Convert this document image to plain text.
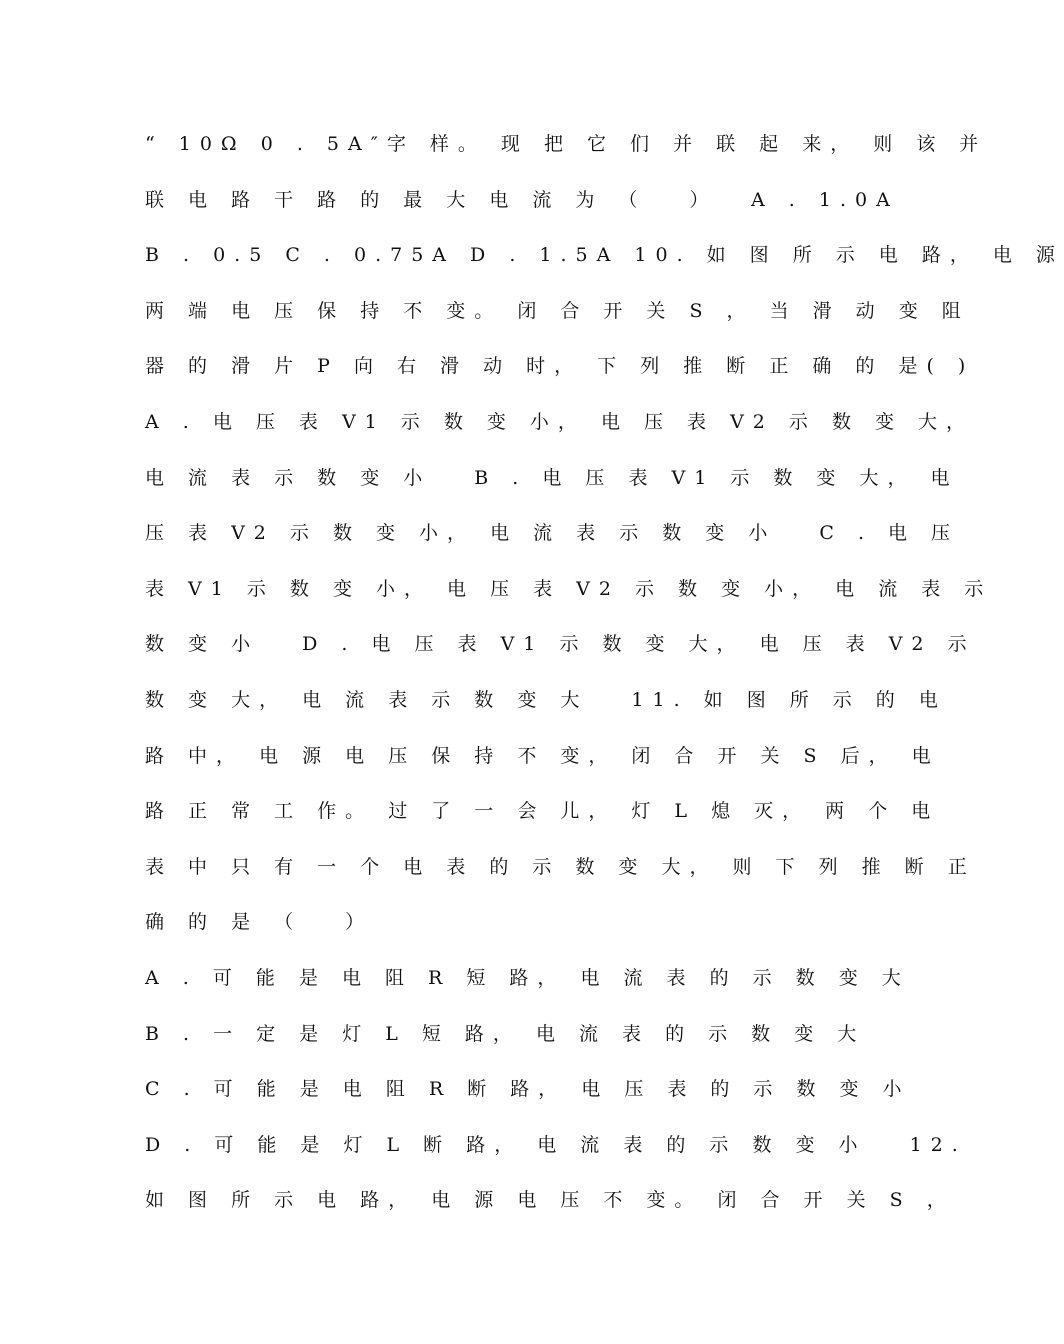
“ 10Ω 0 . 5A″字 样。 现 把 它 们 并 联 起 来， 则 该 并
联 电 路 干 路 的 最 大 电 流 为 （　 ）　 A . 1.0A
B . 0.5 C . 0.75A D . 1.5A 10. 如 图 所 示 电 路， 电 源
两 端 电 压 保 持 不 变。 闭 合 开 关 S ， 当 滑 动 变 阻
器 的 滑 片 P 向 右 滑 动 时， 下 列 推 断 正 确 的 是( )
A . 电 压 表 V1 示 数 变 小， 电 压 表 V2 示 数 变 大，
电 流 表 示 数 变 小　 B . 电 压 表 V1 示 数 变 大， 电
压 表 V2 示 数 变 小， 电 流 表 示 数 变 小　 C . 电 压
表 V1 示 数 变 小， 电 压 表 V2 示 数 变 小， 电 流 表 示
数 变 小　 D . 电 压 表 V1 示 数 变 大， 电 压 表 V2 示
数 变 大， 电 流 表 示 数 变 大　 11. 如 图 所 示 的 电
路 中， 电 源 电 压 保 持 不 变， 闭 合 开 关 S 后， 电
路 正 常 工 作。 过 了 一 会 儿， 灯 L 熄 灭， 两 个 电
表 中 只 有 一 个 电 表 的 示 数 变 大， 则 下 列 推 断 正
确 的 是 （　 ）
A . 可 能 是 电 阻 R 短 路， 电 流 表 的 示 数 变 大
B . 一 定 是 灯 L 短 路， 电 流 表 的 示 数 变 大
C . 可 能 是 电 阻 R 断 路， 电 压 表 的 示 数 变 小
D . 可 能 是 灯 L 断 路， 电 流 表 的 示 数 变 小　 12.
如 图 所 示 电 路， 电 源 电 压 不 变。 闭 合 开 关 S ，
